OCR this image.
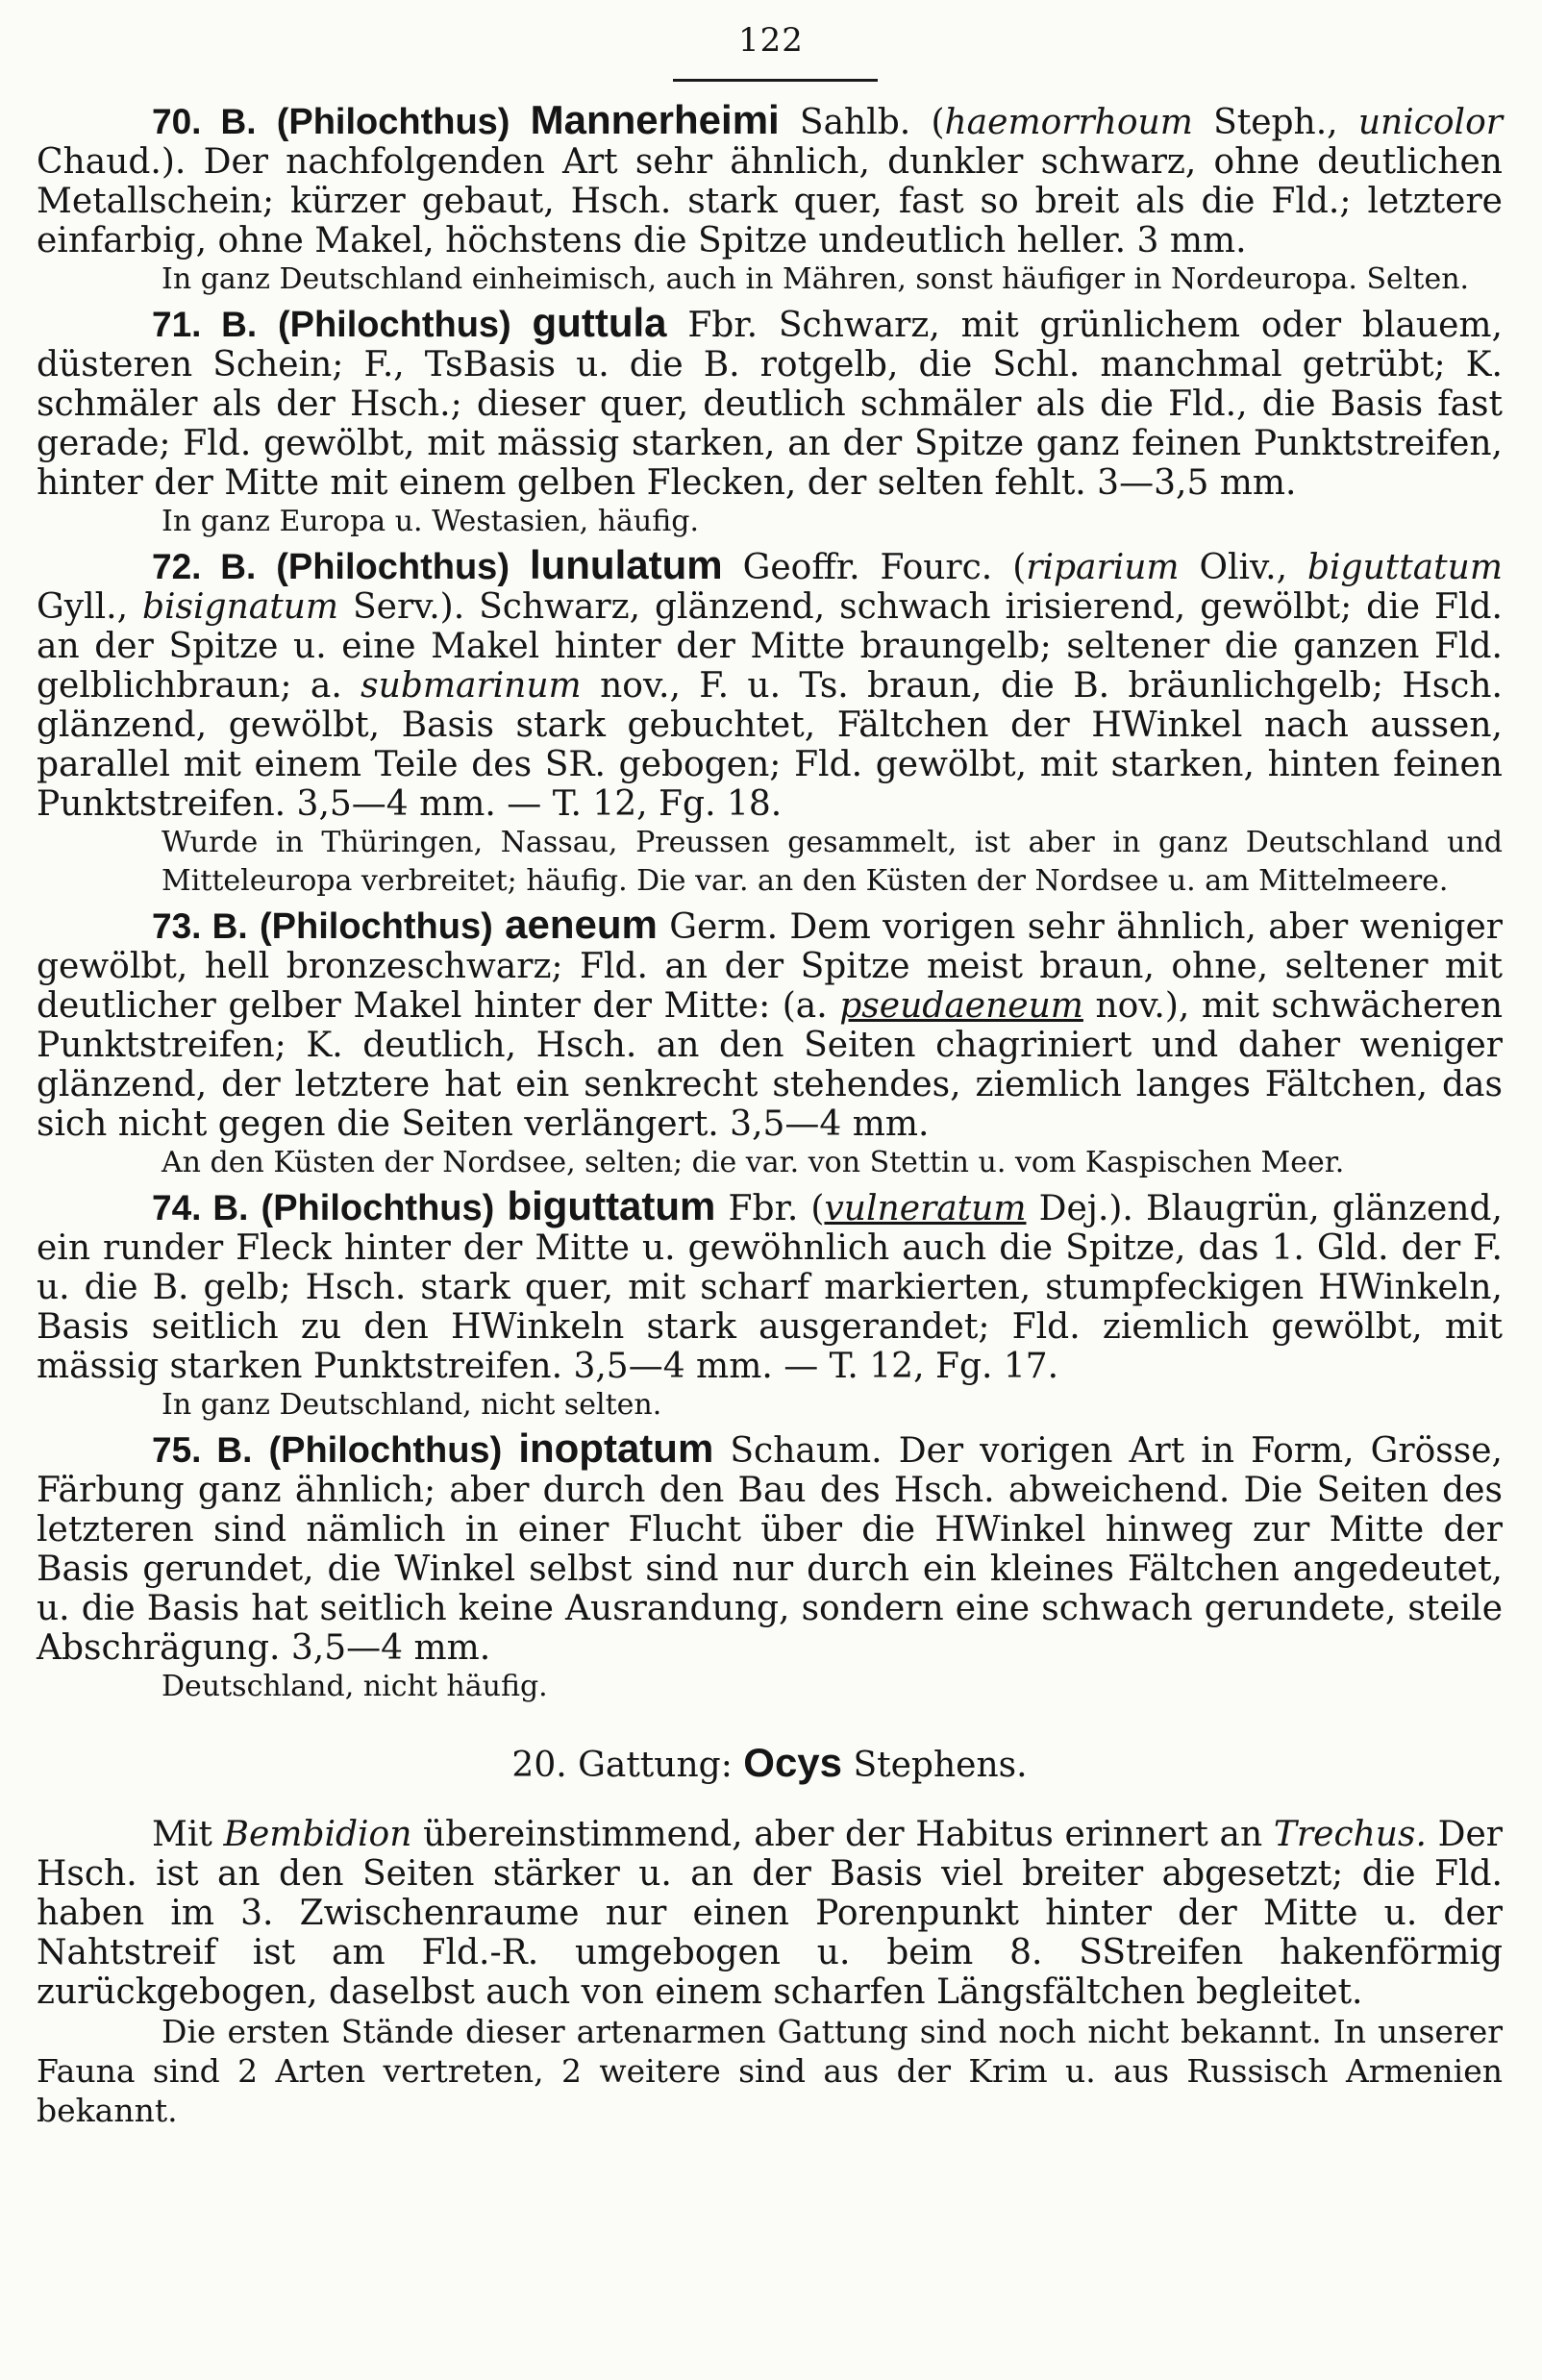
122

70. B. (Philochthus) Mannerheimi Sahlb. (haemorrhoum Steph., unicolor Chaud.). Der nachfolgenden Art sehr ähnlich, dunkler schwarz, ohne deutlichen Metallschein; kürzer gebaut, Hsch. stark quer, fast so breit als die Fld.; letztere einfarbig, ohne Makel, höchstens die Spitze undeutlich heller. 3 mm.

In ganz Deutschland einheimisch, auch in Mähren, sonst häufiger in Nordeuropa. Selten.

71. B. (Philochthus) guttula Fbr. Schwarz, mit grünlichem oder blauem, düsteren Schein; F., TsBasis u. die B. rotgelb, die Schl. manchmal getrübt; K. schmäler als der Hsch.; dieser quer, deutlich schmäler als die Fld., die Basis fast gerade; Fld. gewölbt, mit mässig starken, an der Spitze ganz feinen Punktstreifen, hinter der Mitte mit einem gelben Flecken, der selten fehlt. 3—3,5 mm.

In ganz Europa u. Westasien, häufig.

72. B. (Philochthus) lunulatum Geoffr. Fourc. (riparium Oliv., biguttatum Gyll., bisignatum Serv.). Schwarz, glänzend, schwach irisierend, gewölbt; die Fld. an der Spitze u. eine Makel hinter der Mitte braungelb; seltener die ganzen Fld. gelblichbraun; a. submarinum nov., F. u. Ts. braun, die B. bräunlichgelb; Hsch. glänzend, gewölbt, Basis stark gebuchtet, Fältchen der HWinkel nach aussen, parallel mit einem Teile des SR. gebogen; Fld. gewölbt, mit starken, hinten feinen Punktstreifen. 3,5—4 mm. — T. 12, Fg. 18.

Wurde in Thüringen, Nassau, Preussen gesammelt, ist aber in ganz Deutschland und Mitteleuropa verbreitet; häufig. Die var. an den Küsten der Nordsee u. am Mittelmeere.

73. B. (Philochthus) aeneum Germ. Dem vorigen sehr ähnlich, aber weniger gewölbt, hell bronzeschwarz; Fld. an der Spitze meist braun, ohne, seltener mit deutlicher gelber Makel hinter der Mitte: (a. pseudaeneum nov.), mit schwächeren Punktstreifen; K. deutlich, Hsch. an den Seiten chagriniert und daher weniger glänzend, der letztere hat ein senkrecht stehendes, ziemlich langes Fältchen, das sich nicht gegen die Seiten verlängert. 3,5—4 mm.

An den Küsten der Nordsee, selten; die var. von Stettin u. vom Kaspischen Meer.

74. B. (Philochthus) biguttatum Fbr. (vulneratum Dej.). Blaugrün, glänzend, ein runder Fleck hinter der Mitte u. gewöhnlich auch die Spitze, das 1. Gld. der F. u. die B. gelb; Hsch. stark quer, mit scharf markierten, stumpfeckigen HWinkeln, Basis seitlich zu den HWinkeln stark ausgerandet; Fld. ziemlich gewölbt, mit mässig starken Punktstreifen. 3,5—4 mm. — T. 12, Fg. 17.

In ganz Deutschland, nicht selten.

75. B. (Philochthus) inoptatum Schaum. Der vorigen Art in Form, Grösse, Färbung ganz ähnlich; aber durch den Bau des Hsch. abweichend. Die Seiten des letzteren sind nämlich in einer Flucht über die HWinkel hinweg zur Mitte der Basis gerundet, die Winkel selbst sind nur durch ein kleines Fältchen angedeutet, u. die Basis hat seitlich keine Ausrandung, sondern eine schwach gerundete, steile Abschrägung. 3,5—4 mm.

Deutschland, nicht häufig.

20. Gattung: Ocys Stephens.

Mit Bembidion übereinstimmend, aber der Habitus erinnert an Trechus. Der Hsch. ist an den Seiten stärker u. an der Basis viel breiter abgesetzt; die Fld. haben im 3. Zwischenraume nur einen Porenpunkt hinter der Mitte u. der Nahtstreif ist am Fld.-R. umgebogen u. beim 8. SStreifen hakenförmig zurückgebogen, daselbst auch von einem scharfen Längsfältchen begleitet.

Die ersten Stände dieser artenarmen Gattung sind noch nicht bekannt. In unserer Fauna sind 2 Arten vertreten, 2 weitere sind aus der Krim u. aus Russisch Armenien bekannt.
